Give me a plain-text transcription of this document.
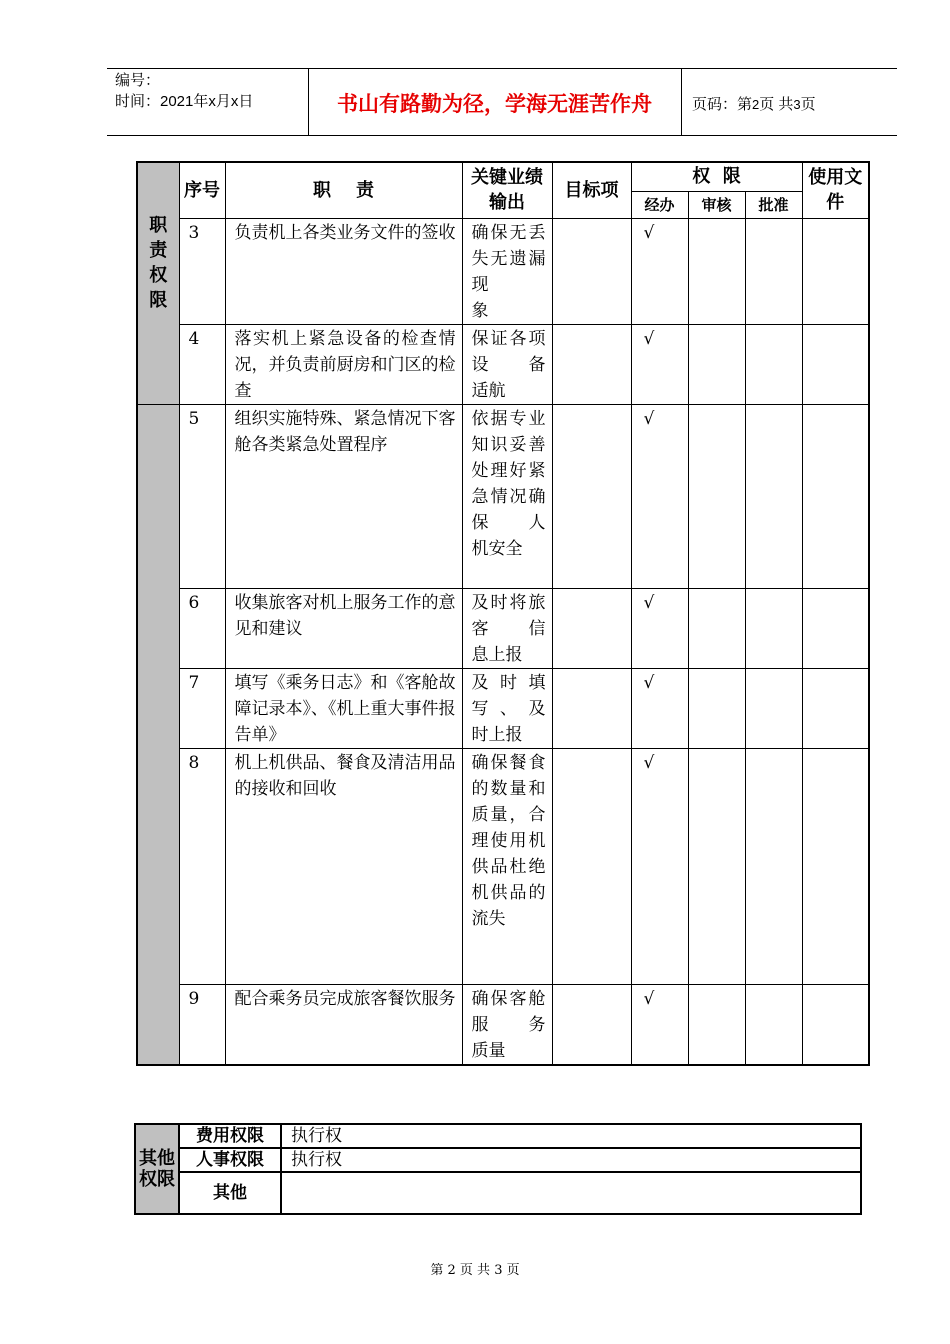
编号：
时间：2021年x月x日	书山有路勤为径，学海无涯苦作舟	页码：第2页 共3页
职责权限	序号	职    责	关键业绩输出	目标项	权  限			使用文件
					经办	审核	批准	
	3	负责机上各类业务文件的签收	确保无丢失无遗漏现
象		√			
	4	落实机上紧急设备的检查情况，并负责前厨房和门区的检查	保证各项设备
适航		√			
	5	组织实施特殊、紧急情况下客舱各类紧急处置程序	依据专业知识妥善处理好紧急情况确保人
机安全		√			
	6	收集旅客对机上服务工作的意见和建议	及时将旅客信
息上报		√			
	7	填写《乘务日志》和《客舱故障记录本》、《机上重大事件报告单》	及时填写、及
时上报		√			
	8	机上机供品、餐食及清洁用品的接收和回收	确保餐食的数量和质量，合理使用机供品杜绝机供品的
流失		√			
	9	配合乘务员完成旅客餐饮服务	确保客舱服务
质量		√			
其他权限	费用权限	执行权
	人事权限	执行权
	其他	
第 2 页 共 3 页
